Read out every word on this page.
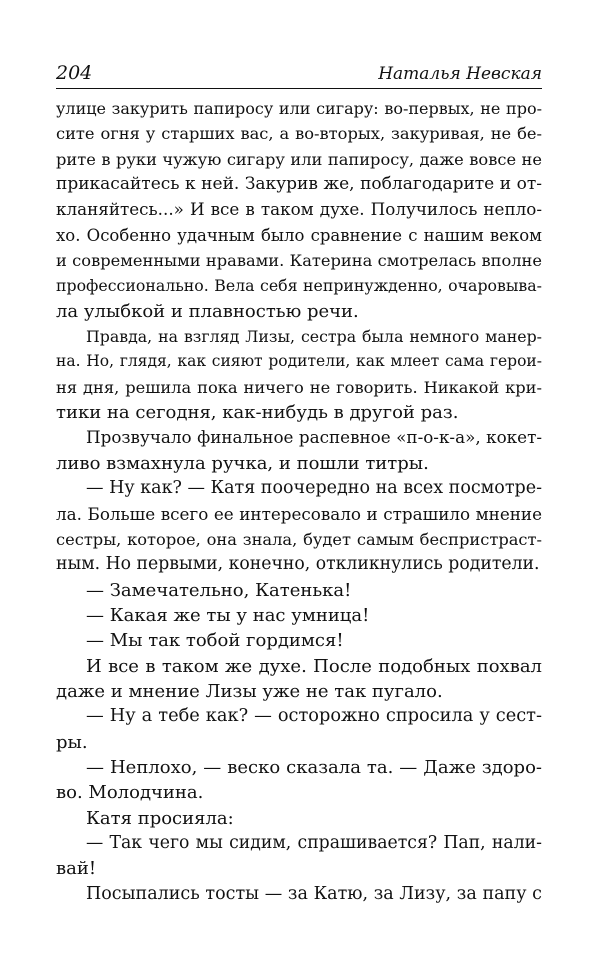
204	Наталья Невская
улице закурить папиросу или сигару: во-первых, не про-
сите огня у старших вас, а во-вторых, закуривая, не бе-
рите в руки чужую сигару или папиросу, даже вовсе не
прикасайтесь к ней. Закурив же, поблагодарите и от-
кланяйтесь...» И все в таком духе. Получилось непло-
хо. Особенно удачным было сравнение с нашим веком
и современными нравами. Катерина смотрелась вполне
профессионально. Вела себя непринужденно, очаровыва-
ла улыбкой и плавностью речи.
Правда, на взгляд Лизы, сестра была немного манер-
на. Но, глядя, как сияют родители, как млеет сама герои-
ня дня, решила пока ничего не говорить. Никакой кри-
тики на сегодня, как-нибудь в другой раз.
Прозвучало финальное распевное «п-о-к-а», кокет-
ливо взмахнула ручка, и пошли титры.
— Ну как? — Катя поочередно на всех посмотре-
ла. Больше всего ее интересовало и страшило мнение
сестры, которое, она знала, будет самым беспристраст-
ным. Но первыми, конечно, откликнулись родители.
— Замечательно, Катенька!
— Какая же ты у нас умница!
— Мы так тобой гордимся!
И все в таком же духе. После подобных похвал
даже и мнение Лизы уже не так пугало.
— Ну а тебе как? — осторожно спросила у сест-
ры.
— Неплохо, — веско сказала та. — Даже здоро-
во. Молодчина.
Катя просияла:
— Так чего мы сидим, спрашивается? Пап, нали-
вай!
Посыпались тосты — за Катю, за Лизу, за папу с
